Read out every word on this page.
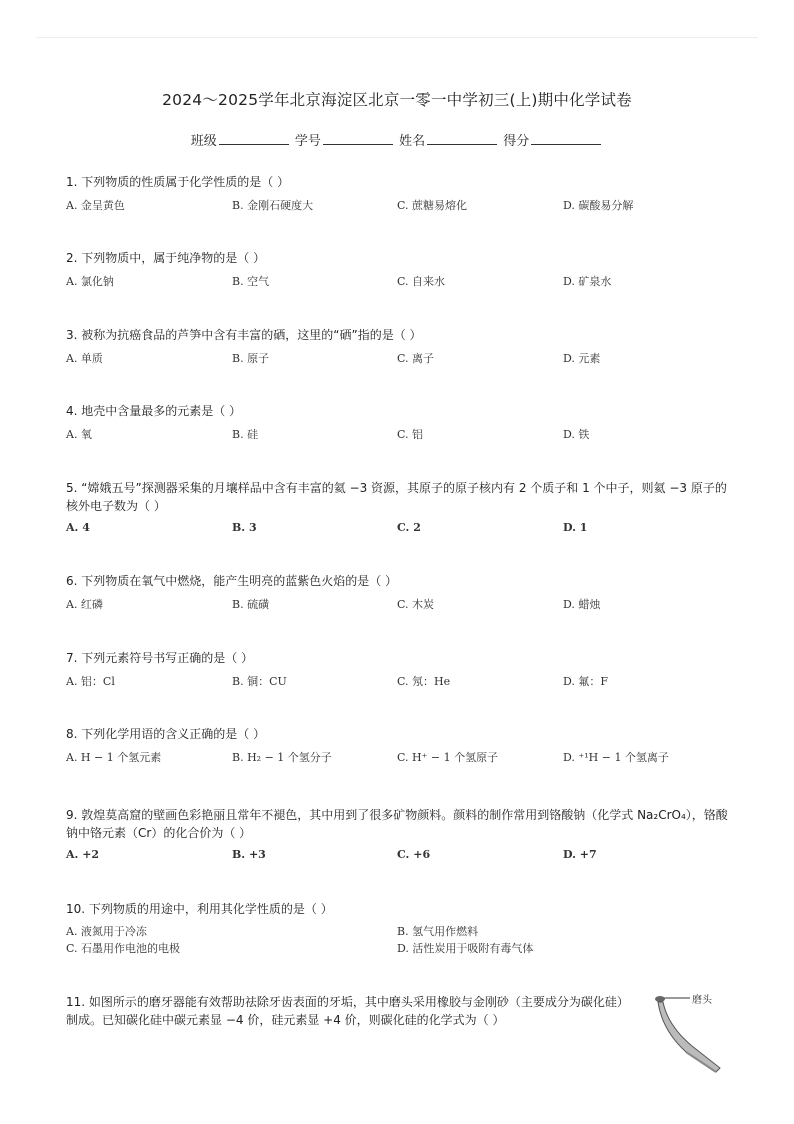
2024～2025学年北京海淀区北京一零一中学初三(上)期中化学试卷
班级	学号	姓名	得分
1. 下列物质的性质属于化学性质的是（ ）
A. 金呈黄色	B. 金刚石硬度大	C. 蔗糖易熔化	D. 碳酸易分解
2. 下列物质中，属于纯净物的是（ ）
A. 氯化钠	B. 空气	C. 自来水	D. 矿泉水
3. 被称为抗癌食品的芦笋中含有丰富的硒，这里的“硒”指的是（ ）
A. 单质	B. 原子	C. 离子	D. 元素
4. 地壳中含量最多的元素是（ ）
A. 氧	B. 硅	C. 铝	D. 铁
5. “嫦娥五号”探测器采集的月壤样品中含有丰富的氦 −3 资源，其原子的原子核内有 2 个质子和 1 个中子，则氦 −3 原子的核外电子数为（ ）
A. 4	B. 3	C. 2	D. 1
6. 下列物质在氧气中燃烧，能产生明亮的蓝紫色火焰的是（ ）
A. 红磷	B. 硫磺	C. 木炭	D. 蜡烛
7. 下列元素符号书写正确的是（ ）
A. 铝：Cl	B. 铜：CU	C. 氖：He	D. 氟：F
8. 下列化学用语的含义正确的是（ ）
A. H − 1 个氢元素	B. H₂ − 1 个氢分子	C. H⁺ − 1 个氢原子	D. ⁺¹H − 1 个氢离子
9. 敦煌莫高窟的壁画色彩艳丽且常年不褪色，其中用到了很多矿物颜料。颜料的制作常用到铬酸钠（化学式 Na₂CrO₄），铬酸钠中铬元素（Cr）的化合价为（ ）
A. +2	B. +3	C. +6	D. +7
10. 下列物质的用途中，利用其化学性质的是（ ）
A. 液氮用于冷冻	B. 氢气用作燃料
C. 石墨用作电池的电极	D. 活性炭用于吸附有毒气体
11. 如图所示的磨牙器能有效帮助祛除牙齿表面的牙垢，其中磨头采用橡胶与金刚砂（主要成分为碳化硅）制成。已知碳化硅中碳元素显 −4 价，硅元素显 +4 价，则碳化硅的化学式为（ ）
磨头
